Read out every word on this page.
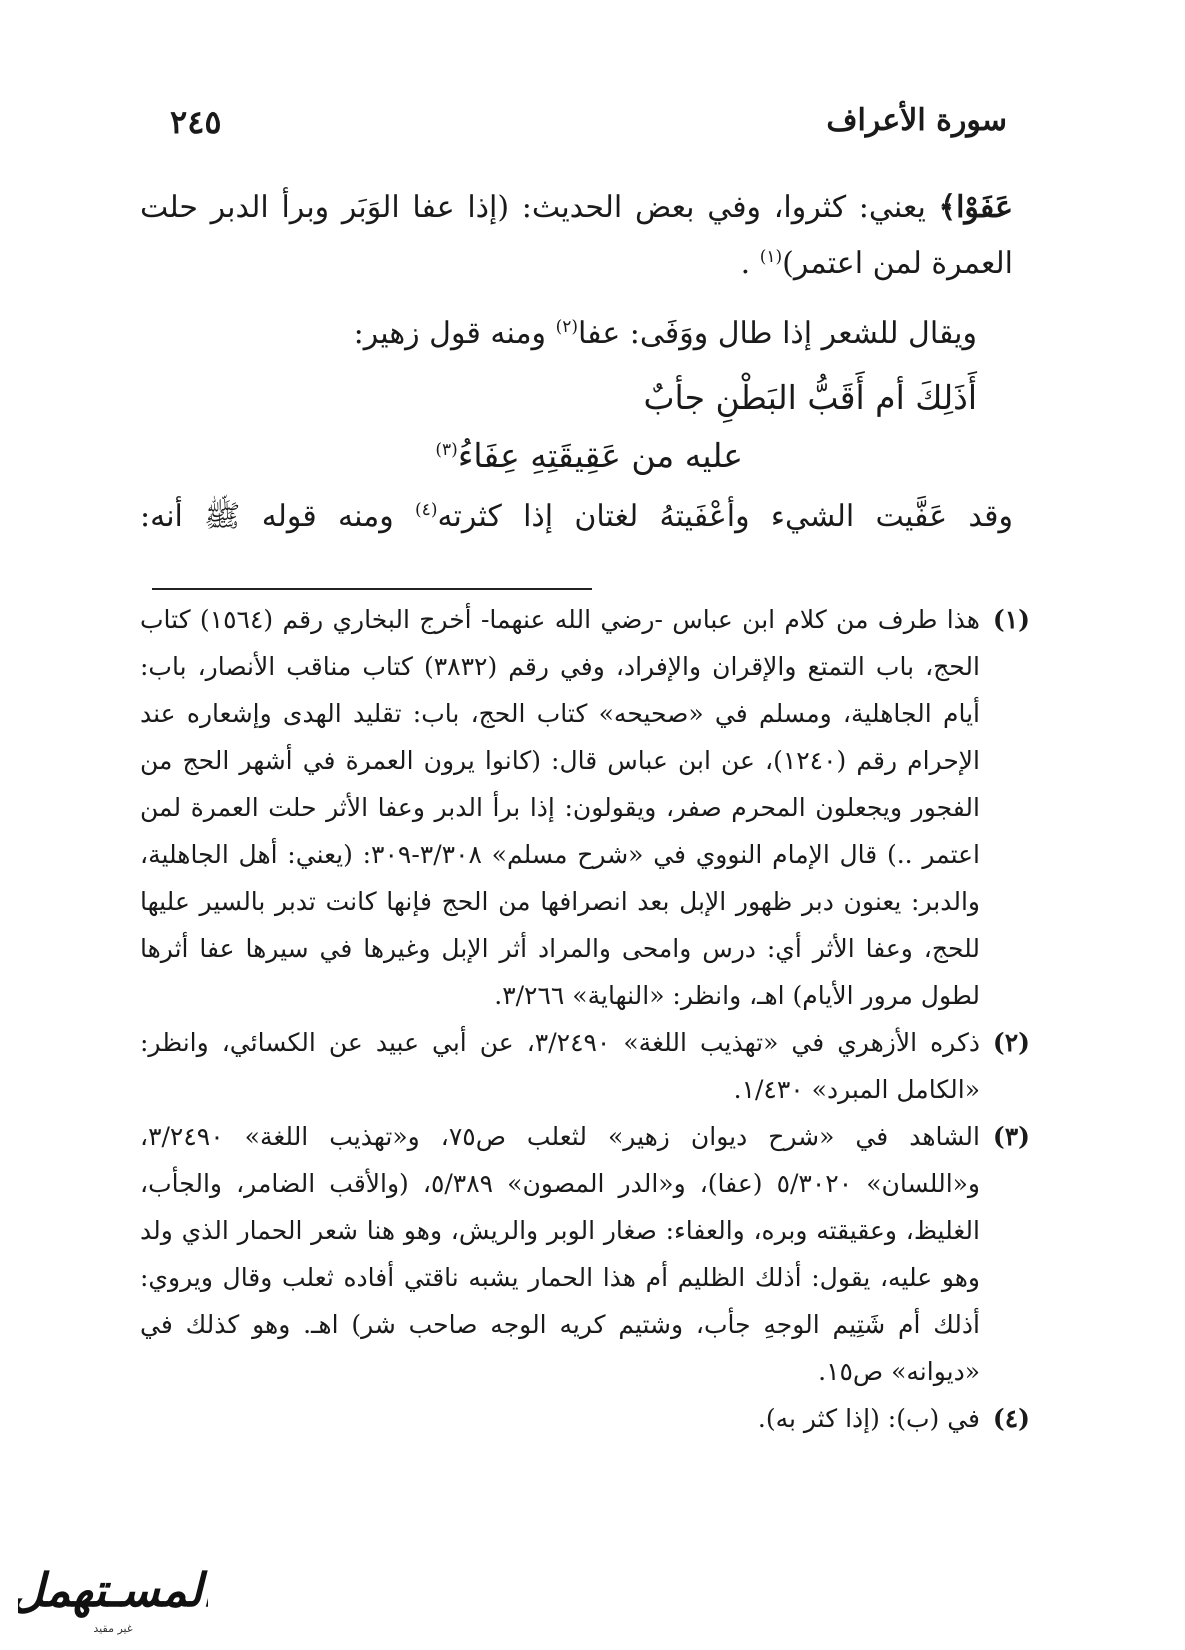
سورة الأعراف
٢٤٥
عَفَوْا﴾ يعني: كثروا، وفي بعض الحديث: (إذا عفا الوَبَر وبرأ الدبر حلت
العمرة لمن اعتمر)$^{(١)}$ .
ويقال للشعر إذا طال ووَفَى: عفا$^{(٢)}$ ومنه قول زهير:
أَذَلِكَ أم أَقَبُّ البَطْنِ جأبٌ
عليه من عَقِيقَتِهِ عِفَاءُ$^{(٣)}$
وقد عَفَّيت الشيء وأعْفَيتهُ لغتان إذا كثرته$^{(٤)}$ ومنه قوله ﷺ أنه:
(١)

هذا طرف من كلام ابن عباس -رضي الله عنهما- أخرج البخاري رقم (١٥٦٤) كتاب الحج، باب التمتع والإقران والإفراد، وفي رقم (٣٨٣٢) كتاب مناقب الأنصار، باب: أيام الجاهلية، ومسلم في «صحيحه» كتاب الحج، باب: تقليد الهدى وإشعاره عند الإحرام رقم (١٢٤٠)، عن ابن عباس قال: (كانوا يرون العمرة في أشهر الحج من الفجور ويجعلون المحرم صفر، ويقولون: إذا برأ الدبر وعفا الأثر حلت العمرة لمن اعتمر ..) قال الإمام النووي في «شرح مسلم» ٣/٣٠٨-٣٠٩: (يعني: أهل الجاهلية، والدبر: يعنون دبر ظهور الإبل بعد انصرافها من الحج فإنها كانت تدبر بالسير عليها للحج، وعفا الأثر أي: درس وامحى والمراد أثر الإبل وغيرها في سيرها عفا أثرها لطول مرور الأيام) اهـ، وانظر: «النهاية» ٣/٢٦٦.

(٢)

ذكره الأزهري في «تهذيب اللغة» ٣/٢٤٩٠، عن أبي عبيد عن الكسائي، وانظر: «الكامل المبرد» ١/٤٣٠.

(٣)

الشاهد في «شرح ديوان زهير» لثعلب ص٧٥، و«تهذيب اللغة» ٣/٢٤٩٠، و«اللسان» ٥/٣٠٢٠ (عفا)، و«الدر المصون» ٥/٣٨٩، (والأقب الضامر، والجأب، الغليظ، وعقيقته وبره، والعفاء: صغار الوبر والريش، وهو هنا شعر الحمار الذي ولد وهو عليه، يقول: أذلك الظليم أم هذا الحمار يشبه ناقتي أفاده ثعلب وقال ويروي: أذلك أم شَتِيم الوجهِ جأب، وشتيم كريه الوجه صاحب شر) اهـ. وهو كذلك في «ديوانه» ص١٥.

(٤)

في (ب): (إذا كثر به).

المسـتهمل
غير مقيد
